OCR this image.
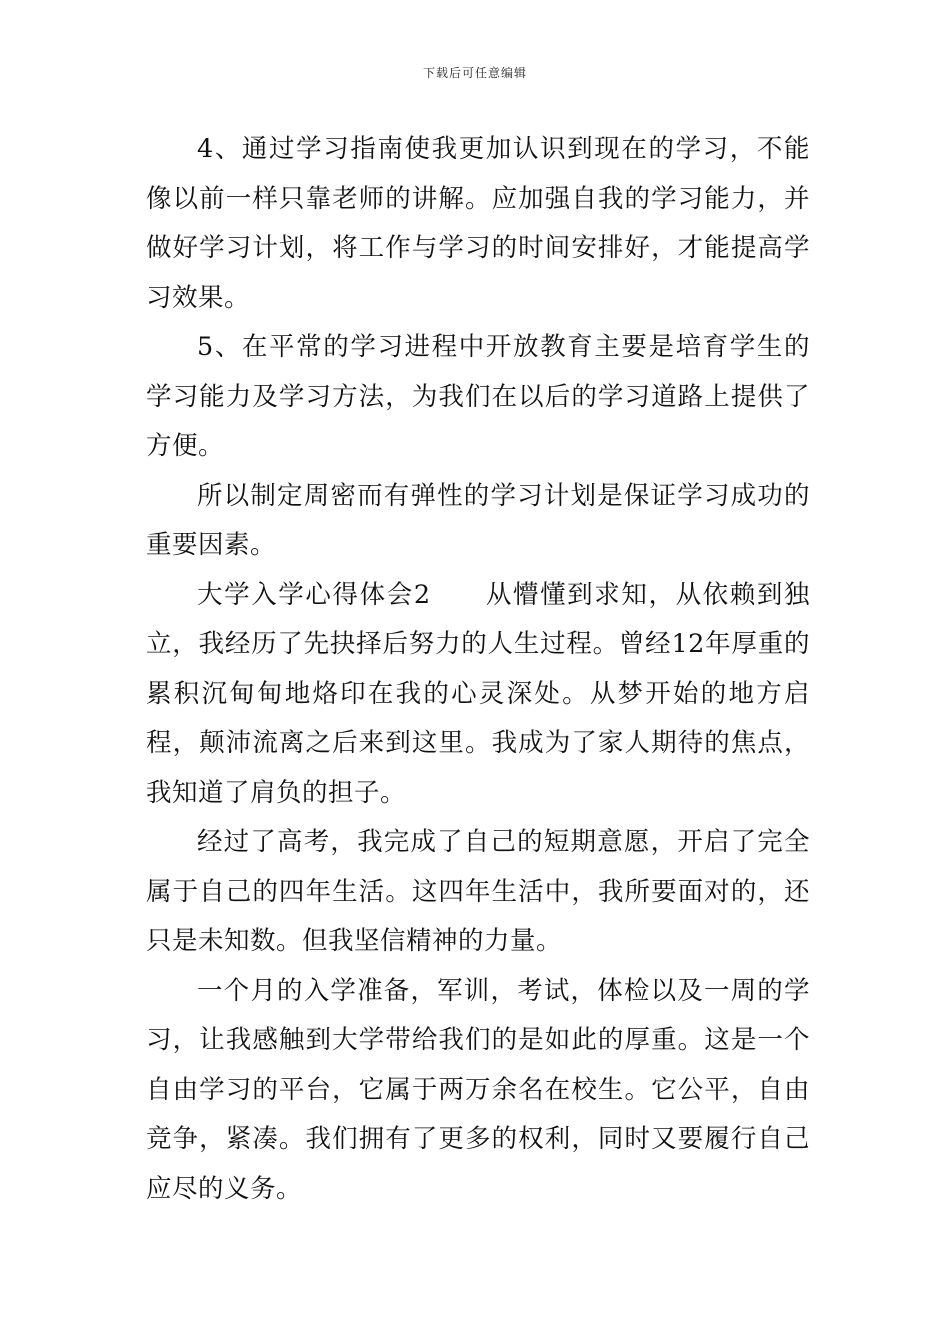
下载后可任意编辑

4、通过学习指南使我更加认识到现在的学习，不能像以前一样只靠老师的讲解。应加强自我的学习能力，并做好学习计划，将工作与学习的时间安排好，才能提高学习效果。

5、在平常的学习进程中开放教育主要是培育学生的学习能力及学习方法，为我们在以后的学习道路上提供了方便。

所以制定周密而有弹性的学习计划是保证学习成功的重要因素。

大学入学心得体会2　　从懵懂到求知，从依赖到独立，我经历了先抉择后努力的人生过程。曾经12年厚重的累积沉甸甸地烙印在我的心灵深处。从梦开始的地方启程，颠沛流离之后来到这里。我成为了家人期待的焦点，我知道了肩负的担子。

经过了高考，我完成了自己的短期意愿，开启了完全属于自己的四年生活。这四年生活中，我所要面对的，还只是未知数。但我坚信精神的力量。

一个月的入学准备，军训，考试，体检以及一周的学习，让我感触到大学带给我们的是如此的厚重。这是一个自由学习的平台，它属于两万余名在校生。它公平，自由竞争，紧凑。我们拥有了更多的权利，同时又要履行自己应尽的义务。
